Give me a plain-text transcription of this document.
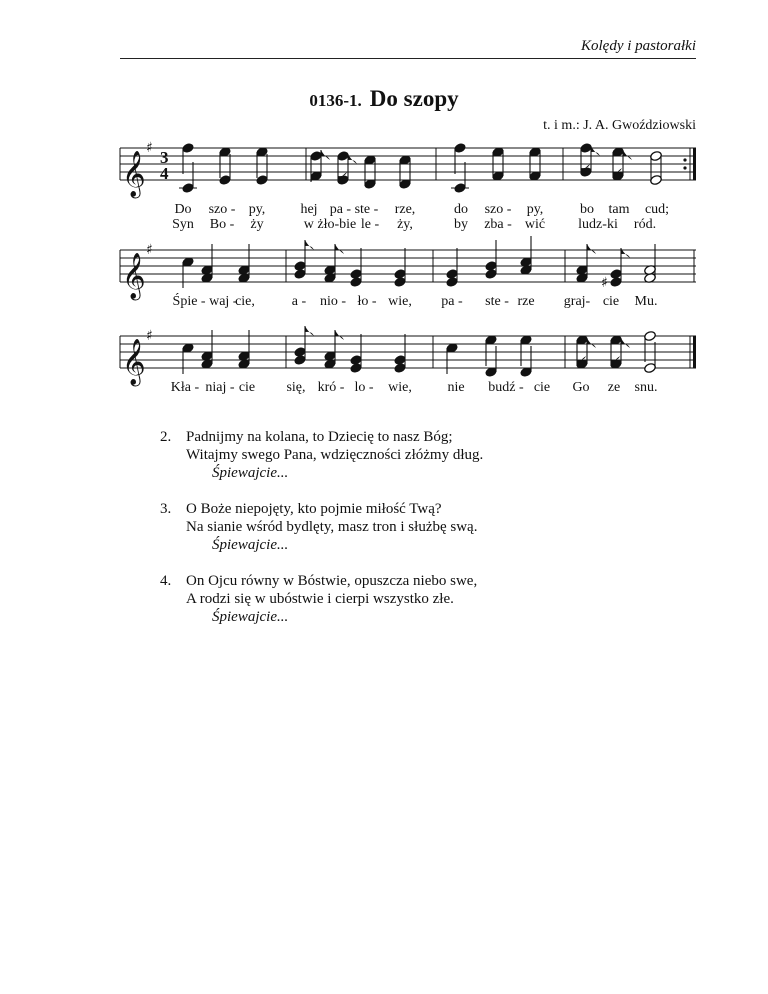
Kolędy i pastorałki
0136-1. Do szopy
t. i m.: J. A. Gwoździowski
𝄞
♯ 3
4
Do szo - py,	hej pa - ste - rze,	do szo - py,	bo tam cud;
Syn Bo - ży	w żło-bie le - ży,	by zba - wić ludz-ki ród.
𝄞
♯
♯
Śpie - waj -
cie,	a - nio - ło - wie, pa - ste - rze graj- cie Mu.
𝄞
♯
Kła - niaj - cie się, kró - lo - wie,	nie budź - cie Go ze snu.
2. Padnijmy na kolana, to Dziecię to nasz Bóg;
Witajmy swego Pana, wdzięczności złóżmy dług.
Śpiewajcie...
3. O Boże niepojęty, kto pojmie miłość Twą?
Na sianie wśród bydlęty, masz tron i służbę swą.
Śpiewajcie...
4. On Ojcu równy w Bóstwie, opuszcza niebo swe,
A rodzi się w ubóstwie i cierpi wszystko złe.
Śpiewajcie...
